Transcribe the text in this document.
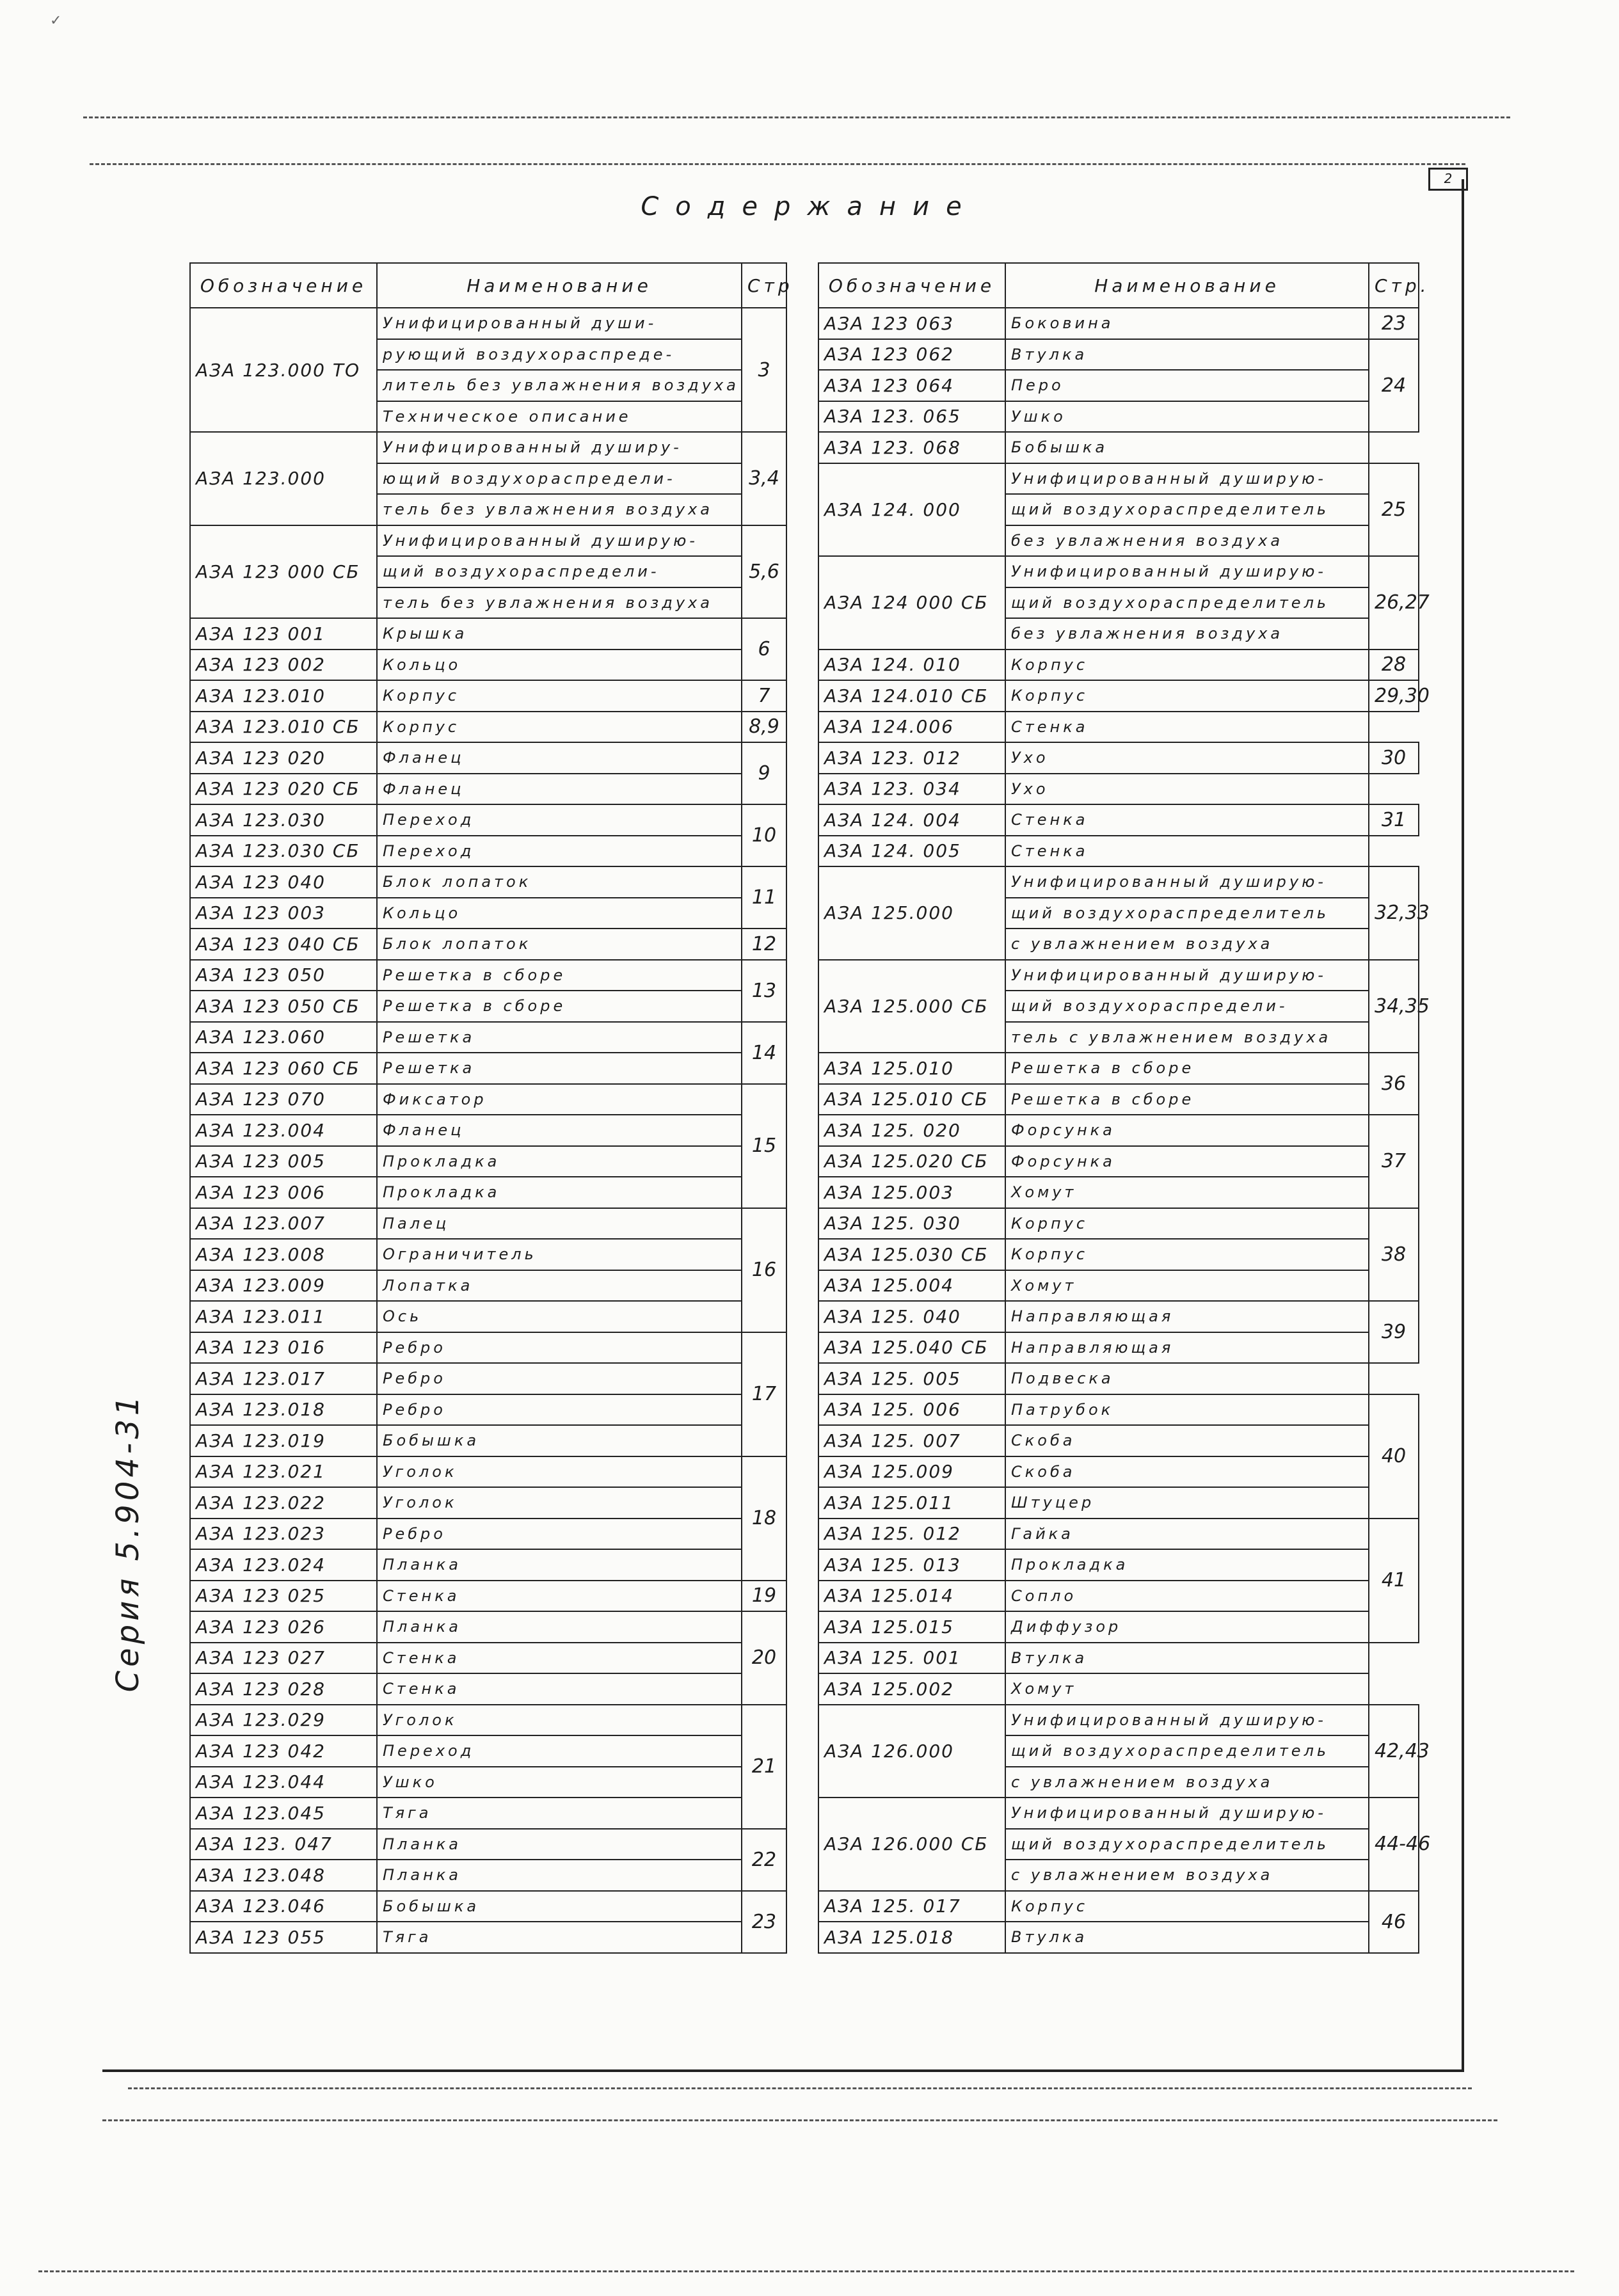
✓
2
Содержание
Серия 5.904-31
Обозначение	Наименование	Стр
АЗА 123.000 ТО	Унифицированный души-	3
	рующий воздухораспреде-	
	литель без увлажнения воздуха	
	Техническое описание	
АЗА 123.000	Унифицированный душиру-	3,4
	ющий воздухораспредели-	
	тель без увлажнения воздуха	
АЗА 123 000 СБ	Унифицированный душирую-	5,6
	щий воздухораспредели-	
	тель без увлажнения воздуха	
АЗА 123 001	Крышка	6
АЗА 123 002	Кольцо	
АЗА 123.010	Корпус	7
АЗА 123.010 СБ	Корпус	8,9
АЗА 123 020	Фланец	9
АЗА 123 020 СБ	Фланец	
АЗА 123.030	Переход	10
АЗА 123.030 СБ	Переход	
АЗА 123 040	Блок лопаток	11
АЗА 123 003	Кольцо	
АЗА 123 040 СБ	Блок лопаток	12
АЗА 123 050	Решетка в сборе	13
АЗА 123 050 СБ	Решетка в сборе	
АЗА 123.060	Решетка	14
АЗА 123 060 СБ	Решетка	
АЗА 123 070	Фиксатор	15
АЗА 123.004	Фланец	
АЗА 123 005	Прокладка	
АЗА 123 006	Прокладка	
АЗА 123.007	Палец	16
АЗА 123.008	Ограничитель	
АЗА 123.009	Лопатка	
АЗА 123.011	Ось	
АЗА 123 016	Ребро	17
АЗА 123.017	Ребро	
АЗА 123.018	Ребро	
АЗА 123.019	Бобышка	
АЗА 123.021	Уголок	18
АЗА 123.022	Уголок	
АЗА 123.023	Ребро	
АЗА 123.024	Планка	
АЗА 123 025	Стенка	19
АЗА 123 026	Планка	20
АЗА 123 027	Стенка	
АЗА 123 028	Стенка	
АЗА 123.029	Уголок	21
АЗА 123 042	Переход	
АЗА 123.044	Ушко	
АЗА 123.045	Тяга	
АЗА 123. 047	Планка	22
АЗА 123.048	Планка	
АЗА 123.046	Бобышка	23
АЗА 123 055	Тяга	
Обозначение	Наименование	Стр.
АЗА 123 063	Боковина	23
АЗА 123 062	Втулка	24
АЗА 123 064	Перо	
АЗА 123. 065	Ушко	
АЗА 123. 068	Бобышка	
АЗА 124. 000	Унифицированный душирую-	25
	щий воздухораспределитель	
	без увлажнения воздуха	
АЗА 124 000 СБ	Унифицированный душирую-	26,27
	щий воздухораспределитель	
	без увлажнения воздуха	
АЗА 124. 010	Корпус	28
АЗА 124.010 СБ	Корпус	29,30
АЗА 124.006	Стенка	
АЗА 123. 012	Ухо	30
АЗА 123. 034	Ухо	
АЗА 124. 004	Стенка	31
АЗА 124. 005	Стенка	
АЗА 125.000	Унифицированный душирую-	32,33
	щий воздухораспределитель	
	с увлажнением воздуха	
АЗА 125.000 СБ	Унифицированный душирую-	34,35
	щий воздухораспредели-	
	тель с увлажнением воздуха	
АЗА 125.010	Решетка в сборе	36
АЗА 125.010 СБ	Решетка в сборе	
АЗА 125. 020	Форсунка	37
АЗА 125.020 СБ	Форсунка	
АЗА 125.003	Хомут	
АЗА 125. 030	Корпус	38
АЗА 125.030 СБ	Корпус	
АЗА 125.004	Хомут	
АЗА 125. 040	Направляющая	39
АЗА 125.040 СБ	Направляющая	
АЗА 125. 005	Подвеска	
АЗА 125. 006	Патрубок	40
АЗА 125. 007	Скоба	
АЗА 125.009	Скоба	
АЗА 125.011	Штуцер	
АЗА 125. 012	Гайка	41
АЗА 125. 013	Прокладка	
АЗА 125.014	Сопло	
АЗА 125.015	Диффузор	
АЗА 125. 001	Втулка	
АЗА 125.002	Хомут	
АЗА 126.000	Унифицированный душирую-	42,43
	щий воздухораспределитель	
	с увлажнением воздуха	
АЗА 126.000 СБ	Унифицированный душирую-	44-46
	щий воздухораспределитель	
	с увлажнением воздуха	
АЗА 125. 017	Корпус	46
АЗА 125.018	Втулка	
